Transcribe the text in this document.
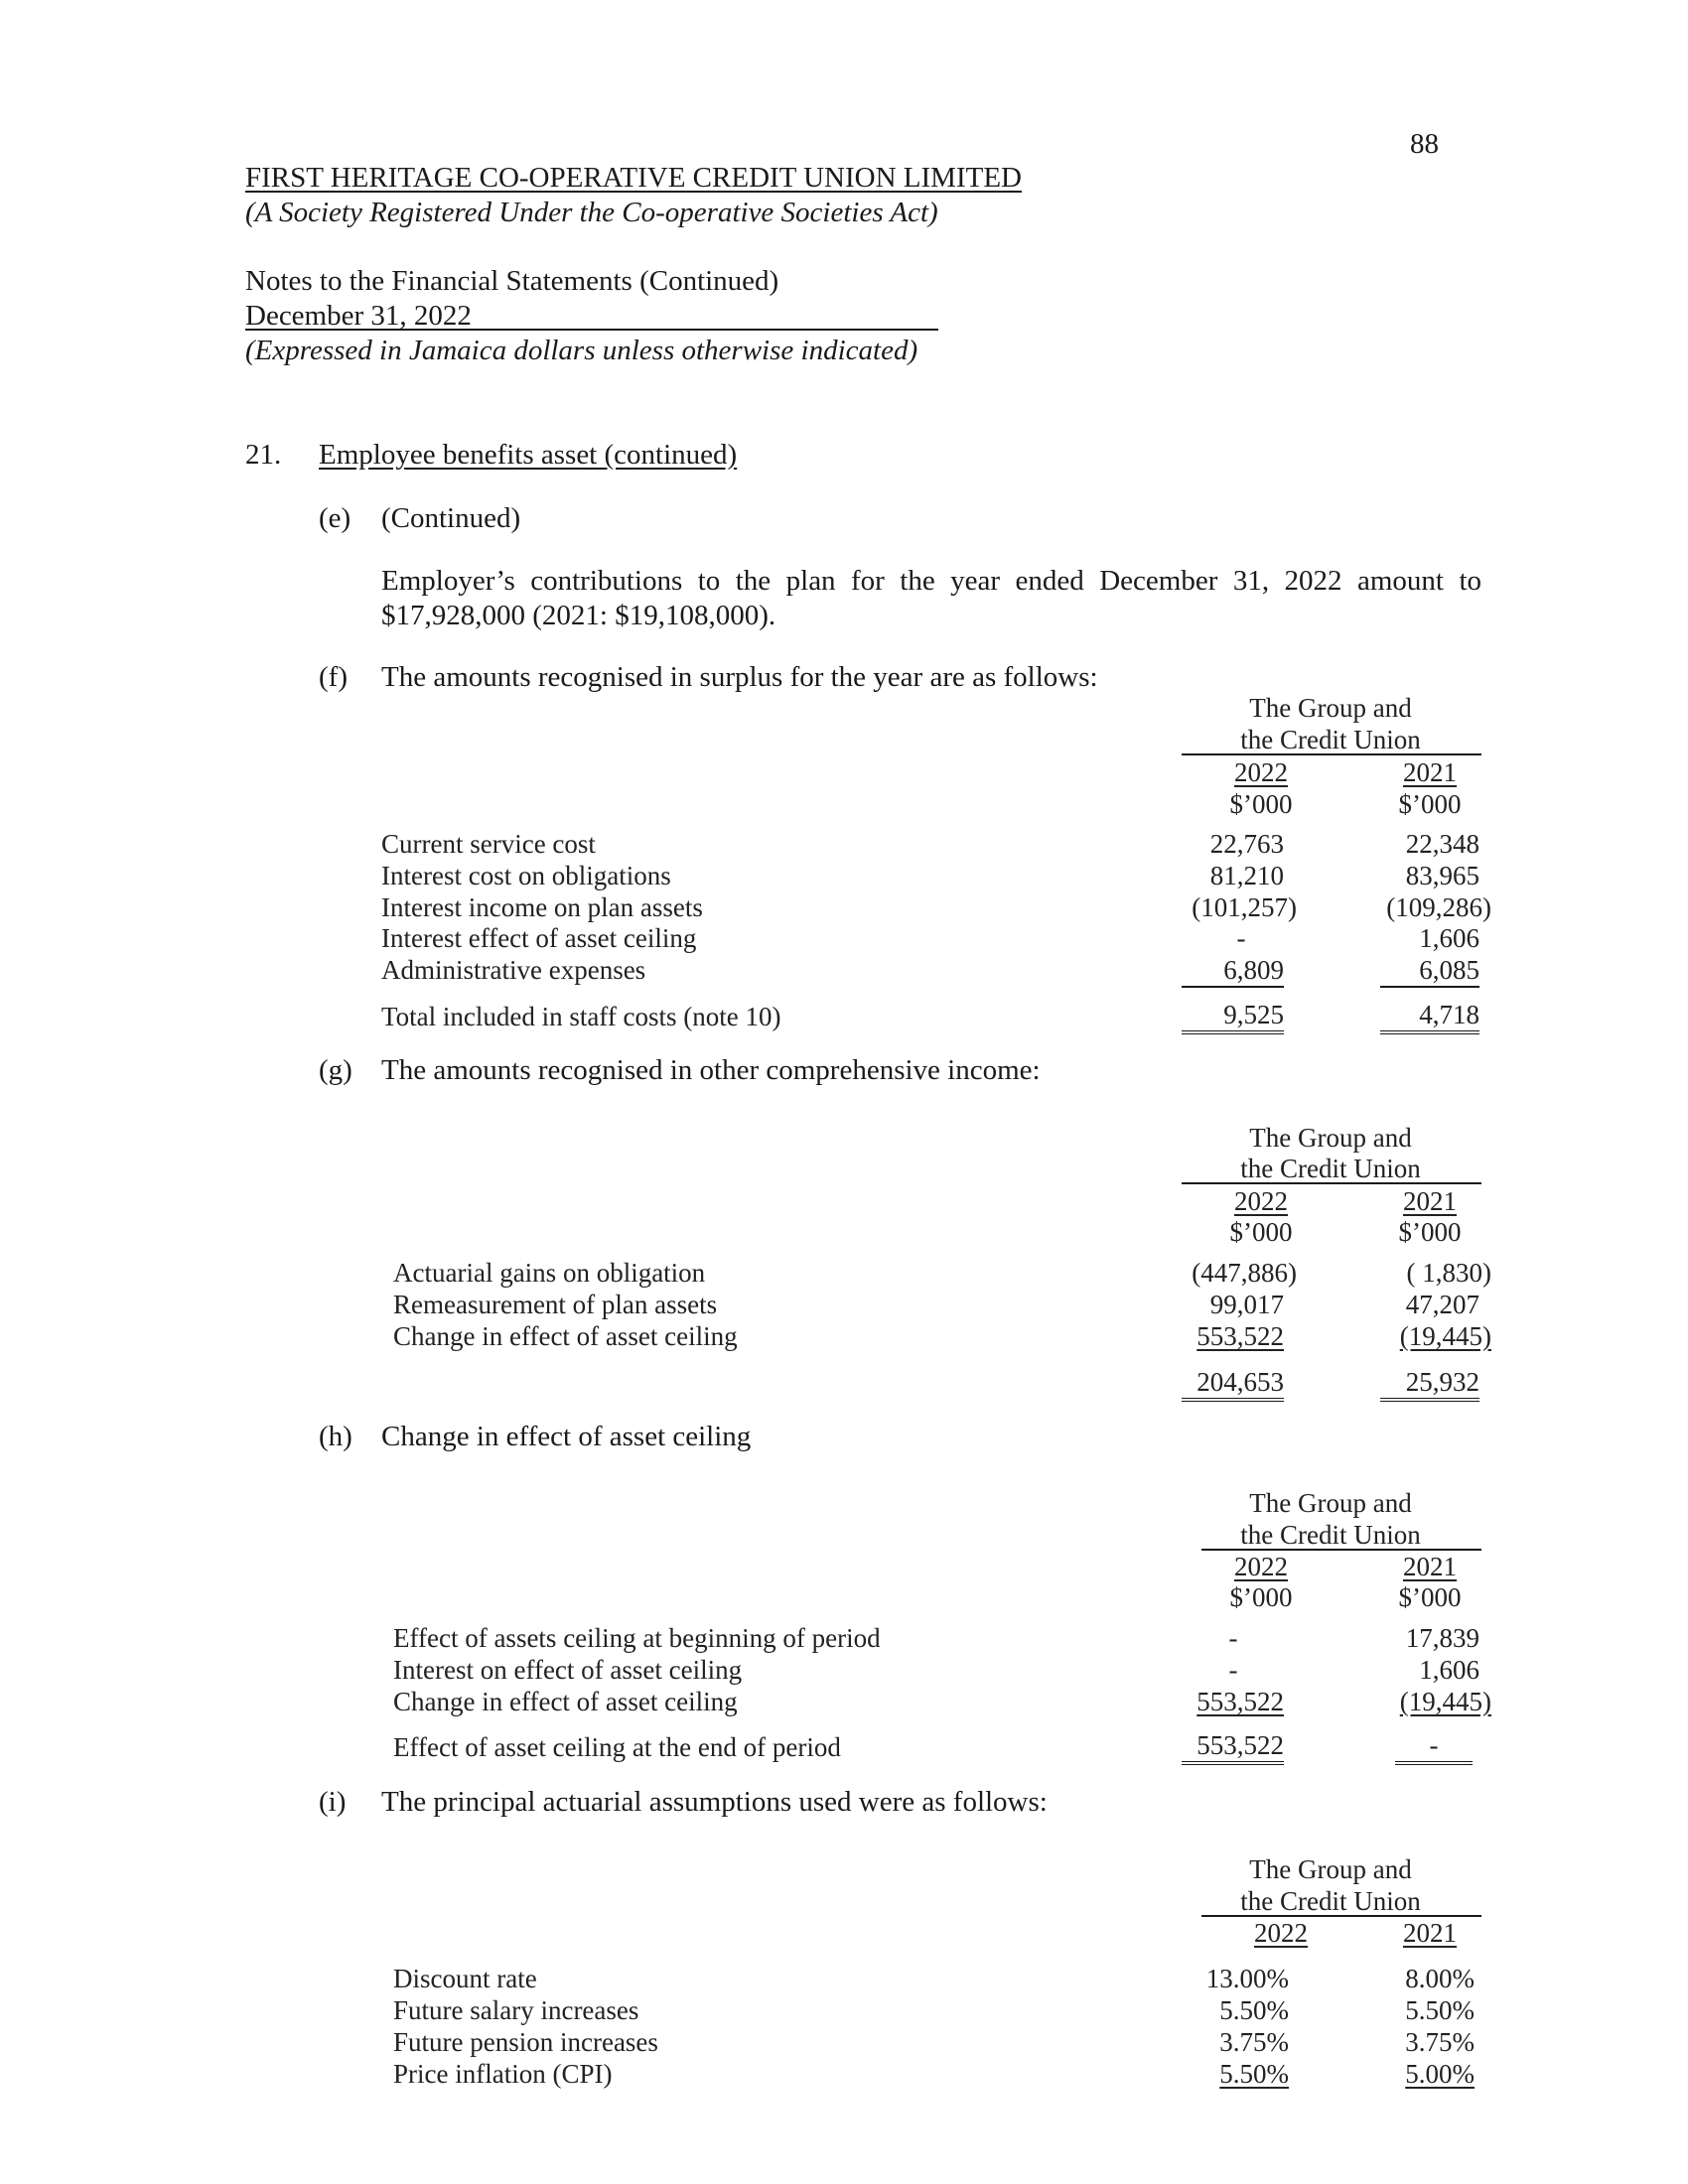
88
FIRST HERITAGE CO-OPERATIVE CREDIT UNION LIMITED
(A Society Registered Under the Co-operative Societies Act)
Notes to the Financial Statements (Continued)
December 31, 2022
(Expressed in Jamaica dollars unless otherwise indicated)
21. Employee benefits asset (continued)
(e) (Continued)
Employer’s contributions to the plan for the year ended December 31, 2022 amount to
$17,928,000 (2021: $19,108,000).
(f) The amounts recognised in surplus for the year are as follows:
The Group and
the Credit Union
2022	2021
$’000	$’000
Current service cost	22,763	22,348
Interest cost on obligations	81,210	83,965
Interest income on plan assets	(101,257)	(109,286)
Interest effect of asset ceiling	-	1,606
Administrative expenses	6,809	6,085
Total included in staff costs (note 10)	9,525	4,718
(g) The amounts recognised in other comprehensive income:
The Group and
the Credit Union
2022	2021
$’000	$’000
Actuarial gains on obligation	(447,886)	( 1,830)
Remeasurement of plan assets	99,017	47,207
Change in effect of asset ceiling	553,522	(19,445)
204,653	25,932
(h) Change in effect of asset ceiling
The Group and
the Credit Union
2022	2021
$’000	$’000
Effect of assets ceiling at beginning of period	-	17,839
Interest on effect of asset ceiling	-	1,606
Change in effect of asset ceiling	553,522	(19,445)
Effect of asset ceiling at the end of period	553,522	-
(i) The principal actuarial assumptions used were as follows:
The Group and
the Credit Union
2022	2021
Discount rate	13.00%	8.00%
Future salary increases	5.50%	5.50%
Future pension increases	3.75%	3.75%
Price inflation (CPI)	5.50%	5.00%
